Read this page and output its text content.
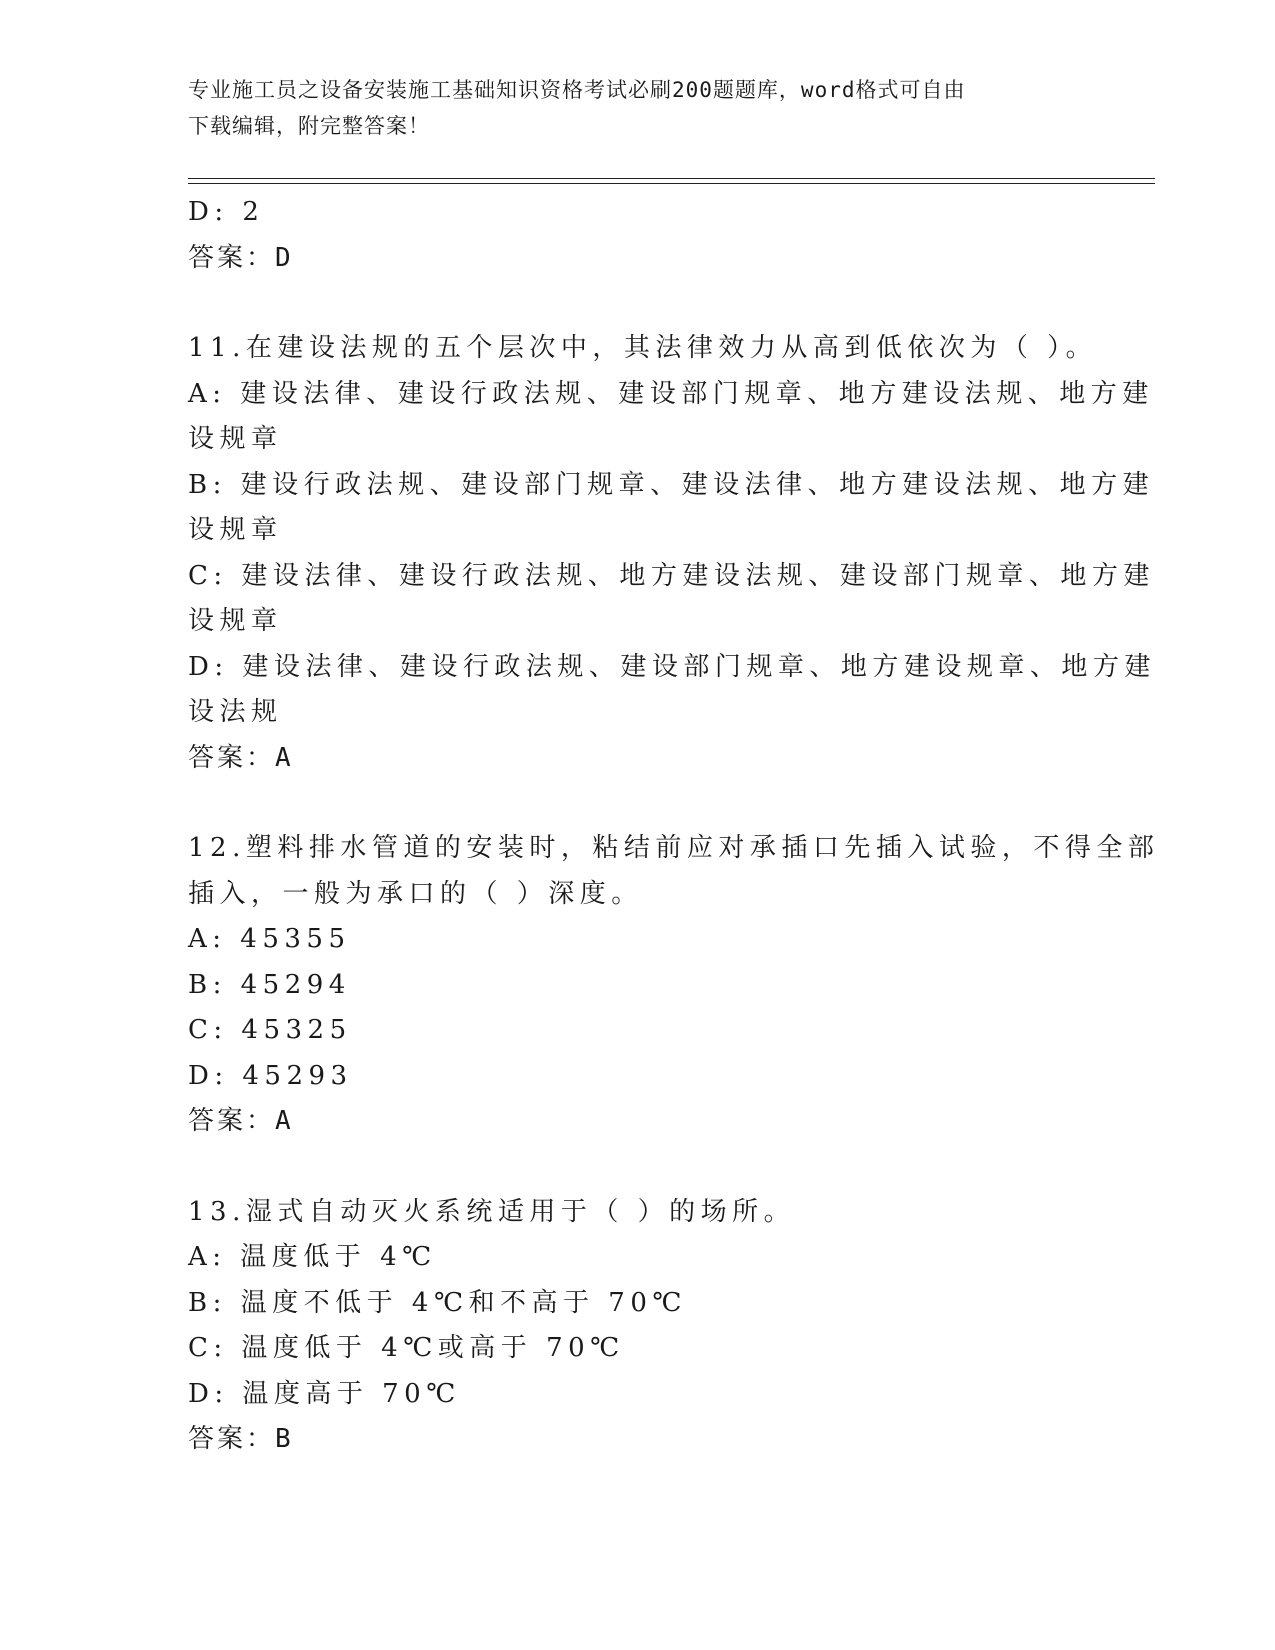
专业施工员之设备安装施工基础知识资格考试必刷200题题库，word格式可自由
下载编辑，附完整答案！
D: 2
答案：D
11.在建设法规的五个层次中，其法律效力从高到低依次为（ ）。
A: 建设法律、建设行政法规、建设部门规章、地方建设法规、地方建
设规章
B: 建设行政法规、建设部门规章、建设法律、地方建设法规、地方建
设规章
C: 建设法律、建设行政法规、地方建设法规、建设部门规章、地方建
设规章
D: 建设法律、建设行政法规、建设部门规章、地方建设规章、地方建
设法规
答案：A
12.塑料排水管道的安装时，粘结前应对承插口先插入试验，不得全部
插入，一般为承口的（ ）深度。
A: 45355
B: 45294
C: 45325
D: 45293
答案：A
13.湿式自动灭火系统适用于（ ）的场所。
A: 温度低于 4℃
B: 温度不低于 4℃和不高于 70℃
C: 温度低于 4℃或高于 70℃
D: 温度高于 70℃
答案：B
